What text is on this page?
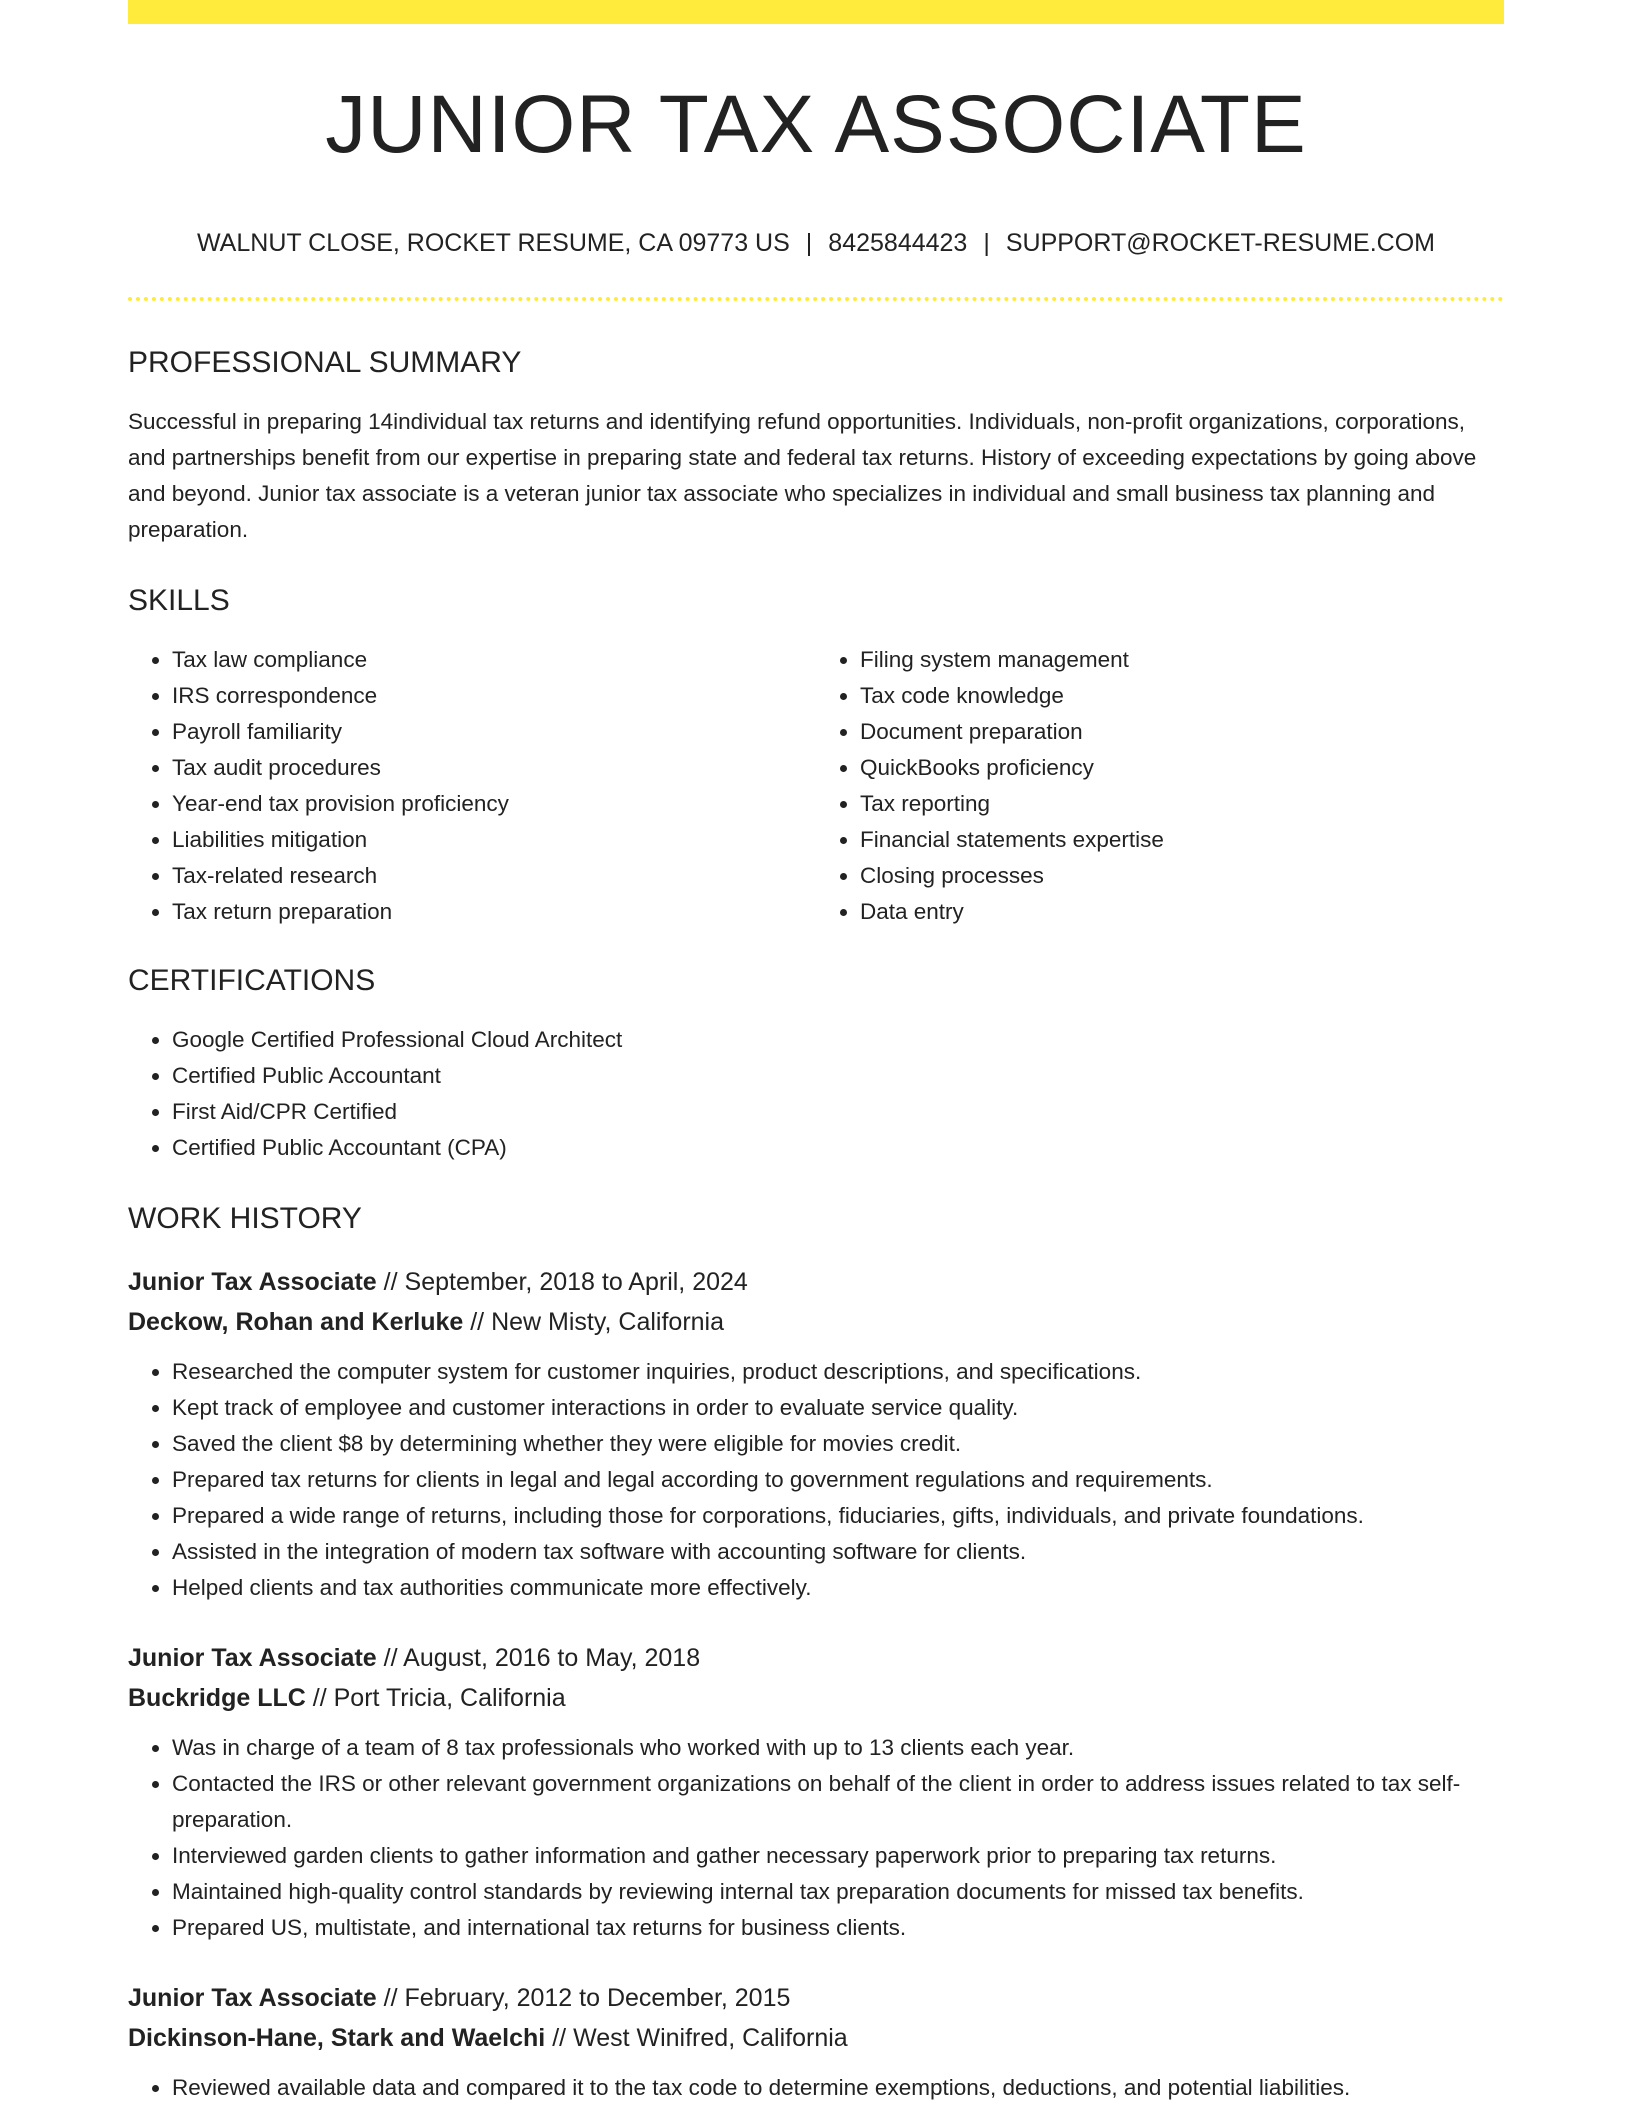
JUNIOR TAX ASSOCIATE
WALNUT CLOSE, ROCKET RESUME, CA 09773 US | 8425844423 | SUPPORT@ROCKET-RESUME.COM
PROFESSIONAL SUMMARY

Successful in preparing 14individual tax returns and identifying refund opportunities. Individuals, non-profit organizations, corporations, and partnerships benefit from our expertise in preparing state and federal tax returns. History of exceeding expectations by going above and beyond. Junior tax associate is a veteran junior tax associate who specializes in individual and small business tax planning and preparation.

SKILLS
• Tax law compliance
• IRS correspondence
• Payroll familiarity
• Tax audit procedures
• Year-end tax provision proficiency
• Liabilities mitigation
• Tax-related research
• Tax return preparation
• Filing system management
• Tax code knowledge
• Document preparation
• QuickBooks proficiency
• Tax reporting
• Financial statements expertise
• Closing processes
• Data entry
CERTIFICATIONS
• Google Certified Professional Cloud Architect
• Certified Public Accountant
• First Aid/CPR Certified
• Certified Public Accountant (CPA)
WORK HISTORY
Junior Tax Associate // September, 2018 to April, 2024
Deckow, Rohan and Kerluke // New Misty, California
• Researched the computer system for customer inquiries, product descriptions, and specifications.
• Kept track of employee and customer interactions in order to evaluate service quality.
• Saved the client $8 by determining whether they were eligible for movies credit.
• Prepared tax returns for clients in legal and legal according to government regulations and requirements.
• Prepared a wide range of returns, including those for corporations, fiduciaries, gifts, individuals, and private foundations.
• Assisted in the integration of modern tax software with accounting software for clients.
• Helped clients and tax authorities communicate more effectively.
Junior Tax Associate // August, 2016 to May, 2018
Buckridge LLC // Port Tricia, California
• Was in charge of a team of 8 tax professionals who worked with up to 13 clients each year.
• Contacted the IRS or other relevant government organizations on behalf of the client in order to address issues related to tax self-preparation.
• Interviewed garden clients to gather information and gather necessary paperwork prior to preparing tax returns.
• Maintained high-quality control standards by reviewing internal tax preparation documents for missed tax benefits.
• Prepared US, multistate, and international tax returns for business clients.
Junior Tax Associate // February, 2012 to December, 2015
Dickinson-Hane, Stark and Waelchi // West Winifred, California
• Reviewed available data and compared it to the tax code to determine exemptions, deductions, and potential liabilities.
